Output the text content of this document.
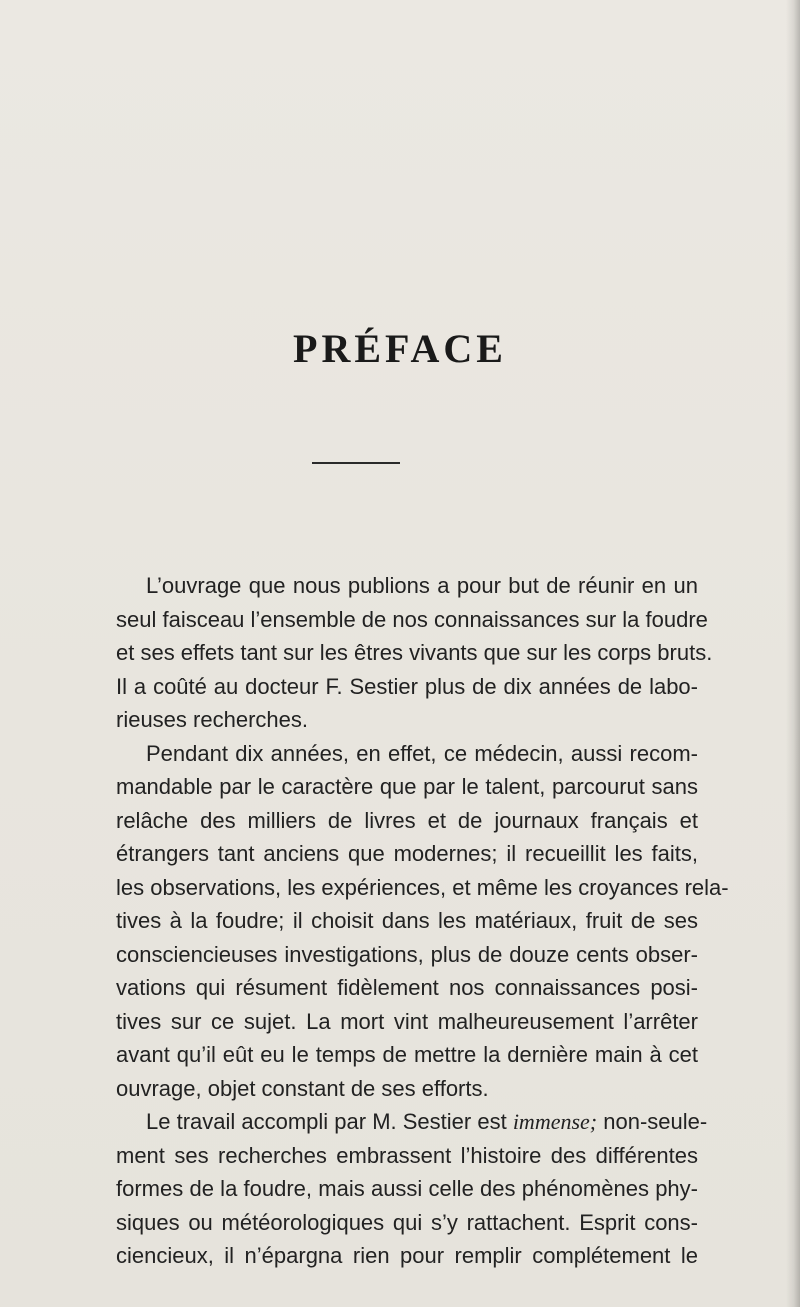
PRÉFACE
L’ouvrage que nous publions a pour but de réunir en un
seul faisceau l’ensemble de nos connaissances sur la foudre
et ses effets tant sur les êtres vivants que sur les corps bruts.
Il a coûté au docteur F. Sestier plus de dix années de labo-
rieuses recherches.
Pendant dix années, en effet, ce médecin, aussi recom-
mandable par le caractère que par le talent, parcourut sans
relâche des milliers de livres et de journaux français et
étrangers tant anciens que modernes; il recueillit les faits,
les observations, les expériences, et même les croyances rela-
tives à la foudre; il choisit dans les matériaux, fruit de ses
consciencieuses investigations, plus de douze cents obser-
vations qui résument fidèlement nos connaissances posi-
tives sur ce sujet. La mort vint malheureusement l’arrêter
avant qu’il eût eu le temps de mettre la dernière main à cet
ouvrage, objet constant de ses efforts.
Le travail accompli par M. Sestier est immense; non-seule-
ment ses recherches embrassent l’histoire des différentes
formes de la foudre, mais aussi celle des phénomènes phy-
siques ou météorologiques qui s’y rattachent. Esprit cons-
ciencieux, il n’épargna rien pour remplir complétement le
